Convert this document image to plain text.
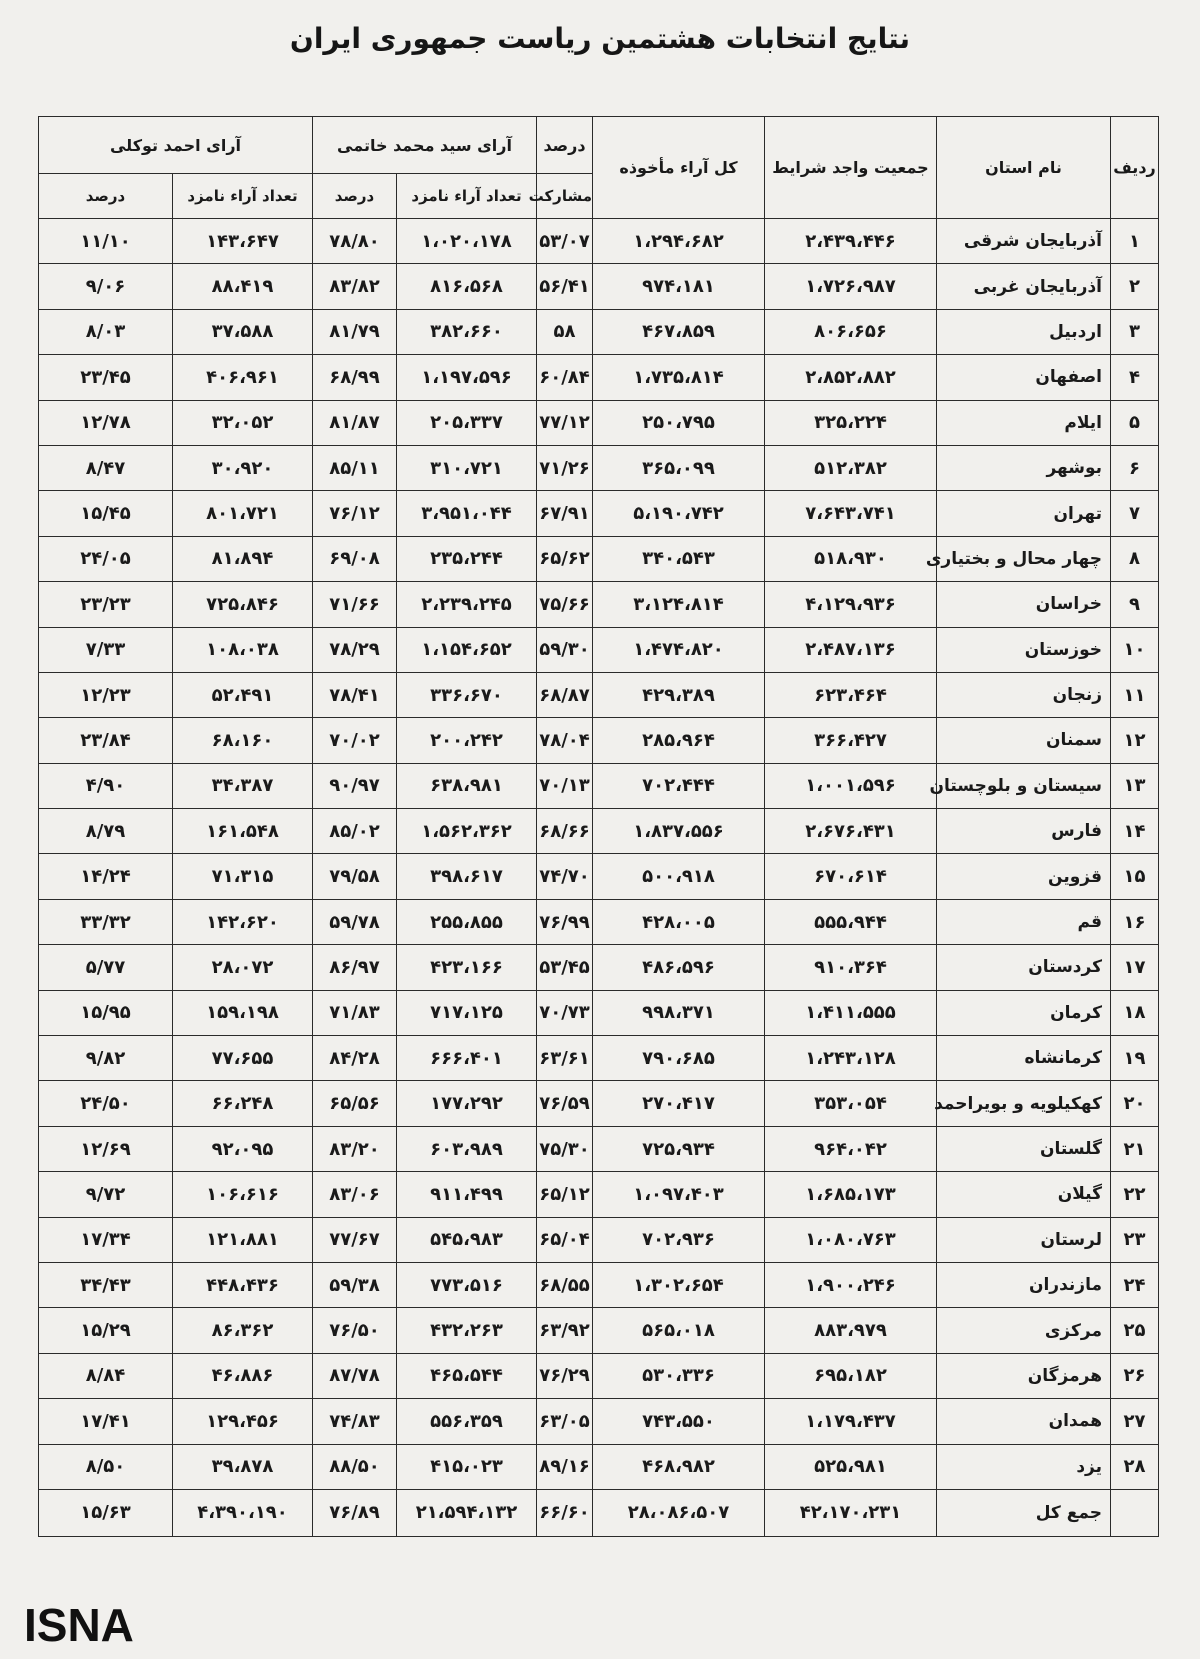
نتایج انتخابات هشتمین ریاست جمهوری ایران
ردیف	نام استان	جمعیت واجد شرایط	کل آراء مأخوذه	درصد	آرای سید محمد خاتمی		آرای احمد توکلی	
				مشارکت	تعداد آراء نامزد	درصد	تعداد آراء نامزد	درصد
۱	آذربایجان شرقی	۲،۴۳۹،۴۴۶	۱،۲۹۴،۶۸۲	۵۳/۰۷	۱،۰۲۰،۱۷۸	۷۸/۸۰	۱۴۳،۶۴۷	۱۱/۱۰
۲	آذربایجان غربی	۱،۷۲۶،۹۸۷	۹۷۴،۱۸۱	۵۶/۴۱	۸۱۶،۵۶۸	۸۳/۸۲	۸۸،۴۱۹	۹/۰۶
۳	اردبیل	۸۰۶،۶۵۶	۴۶۷،۸۵۹	۵۸	۳۸۲،۶۶۰	۸۱/۷۹	۳۷،۵۸۸	۸/۰۳
۴	اصفهان	۲،۸۵۲،۸۸۲	۱،۷۳۵،۸۱۴	۶۰/۸۴	۱،۱۹۷،۵۹۶	۶۸/۹۹	۴۰۶،۹۶۱	۲۳/۴۵
۵	ایلام	۳۲۵،۲۲۴	۲۵۰،۷۹۵	۷۷/۱۲	۲۰۵،۳۳۷	۸۱/۸۷	۳۲،۰۵۲	۱۲/۷۸
۶	بوشهر	۵۱۲،۳۸۲	۳۶۵،۰۹۹	۷۱/۲۶	۳۱۰،۷۲۱	۸۵/۱۱	۳۰،۹۲۰	۸/۴۷
۷	تهران	۷،۶۴۳،۷۴۱	۵،۱۹۰،۷۴۲	۶۷/۹۱	۳،۹۵۱،۰۴۴	۷۶/۱۲	۸۰۱،۷۲۱	۱۵/۴۵
۸	چهار محال و بختیاری	۵۱۸،۹۳۰	۳۴۰،۵۴۳	۶۵/۶۲	۲۳۵،۲۴۴	۶۹/۰۸	۸۱،۸۹۴	۲۴/۰۵
۹	خراسان	۴،۱۲۹،۹۳۶	۳،۱۲۴،۸۱۴	۷۵/۶۶	۲،۲۳۹،۲۴۵	۷۱/۶۶	۷۲۵،۸۴۶	۲۳/۲۳
۱۰	خوزستان	۲،۴۸۷،۱۳۶	۱،۴۷۴،۸۲۰	۵۹/۳۰	۱،۱۵۴،۶۵۲	۷۸/۲۹	۱۰۸،۰۳۸	۷/۳۳
۱۱	زنجان	۶۲۳،۴۶۴	۴۲۹،۳۸۹	۶۸/۸۷	۳۳۶،۶۷۰	۷۸/۴۱	۵۲،۴۹۱	۱۲/۲۳
۱۲	سمنان	۳۶۶،۴۲۷	۲۸۵،۹۶۴	۷۸/۰۴	۲۰۰،۲۴۲	۷۰/۰۲	۶۸،۱۶۰	۲۳/۸۴
۱۳	سیستان و بلوچستان	۱،۰۰۱،۵۹۶	۷۰۲،۴۴۴	۷۰/۱۳	۶۳۸،۹۸۱	۹۰/۹۷	۳۴،۳۸۷	۴/۹۰
۱۴	فارس	۲،۶۷۶،۴۳۱	۱،۸۳۷،۵۵۶	۶۸/۶۶	۱،۵۶۲،۳۶۲	۸۵/۰۲	۱۶۱،۵۴۸	۸/۷۹
۱۵	قزوین	۶۷۰،۶۱۴	۵۰۰،۹۱۸	۷۴/۷۰	۳۹۸،۶۱۷	۷۹/۵۸	۷۱،۳۱۵	۱۴/۲۴
۱۶	قم	۵۵۵،۹۴۴	۴۲۸،۰۰۵	۷۶/۹۹	۲۵۵،۸۵۵	۵۹/۷۸	۱۴۲،۶۲۰	۳۳/۳۲
۱۷	کردستان	۹۱۰،۳۶۴	۴۸۶،۵۹۶	۵۳/۴۵	۴۲۳،۱۶۶	۸۶/۹۷	۲۸،۰۷۲	۵/۷۷
۱۸	کرمان	۱،۴۱۱،۵۵۵	۹۹۸،۳۷۱	۷۰/۷۳	۷۱۷،۱۲۵	۷۱/۸۳	۱۵۹،۱۹۸	۱۵/۹۵
۱۹	کرمانشاه	۱،۲۴۳،۱۲۸	۷۹۰،۶۸۵	۶۳/۶۱	۶۶۶،۴۰۱	۸۴/۲۸	۷۷،۶۵۵	۹/۸۲
۲۰	کهکیلویه و بویراحمد	۳۵۳،۰۵۴	۲۷۰،۴۱۷	۷۶/۵۹	۱۷۷،۲۹۲	۶۵/۵۶	۶۶،۲۴۸	۲۴/۵۰
۲۱	گلستان	۹۶۴،۰۴۲	۷۲۵،۹۳۴	۷۵/۳۰	۶۰۳،۹۸۹	۸۳/۲۰	۹۲،۰۹۵	۱۲/۶۹
۲۲	گیلان	۱،۶۸۵،۱۷۳	۱،۰۹۷،۴۰۳	۶۵/۱۲	۹۱۱،۴۹۹	۸۳/۰۶	۱۰۶،۶۱۶	۹/۷۲
۲۳	لرستان	۱،۰۸۰،۷۶۳	۷۰۲،۹۳۶	۶۵/۰۴	۵۴۵،۹۸۳	۷۷/۶۷	۱۲۱،۸۸۱	۱۷/۳۴
۲۴	مازندران	۱،۹۰۰،۲۴۶	۱،۳۰۲،۶۵۴	۶۸/۵۵	۷۷۳،۵۱۶	۵۹/۳۸	۴۴۸،۴۳۶	۳۴/۴۳
۲۵	مرکزی	۸۸۳،۹۷۹	۵۶۵،۰۱۸	۶۳/۹۲	۴۳۲،۲۶۳	۷۶/۵۰	۸۶،۳۶۲	۱۵/۲۹
۲۶	هرمزگان	۶۹۵،۱۸۲	۵۳۰،۳۳۶	۷۶/۲۹	۴۶۵،۵۴۴	۸۷/۷۸	۴۶،۸۸۶	۸/۸۴
۲۷	همدان	۱،۱۷۹،۴۳۷	۷۴۳،۵۵۰	۶۳/۰۵	۵۵۶،۳۵۹	۷۴/۸۳	۱۲۹،۴۵۶	۱۷/۴۱
۲۸	یزد	۵۲۵،۹۸۱	۴۶۸،۹۸۲	۸۹/۱۶	۴۱۵،۰۲۳	۸۸/۵۰	۳۹،۸۷۸	۸/۵۰
	جمع کل	۴۲،۱۷۰،۲۳۱	۲۸،۰۸۶،۵۰۷	۶۶/۶۰	۲۱،۵۹۴،۱۳۲	۷۶/۸۹	۴،۳۹۰،۱۹۰	۱۵/۶۳
ISNA
